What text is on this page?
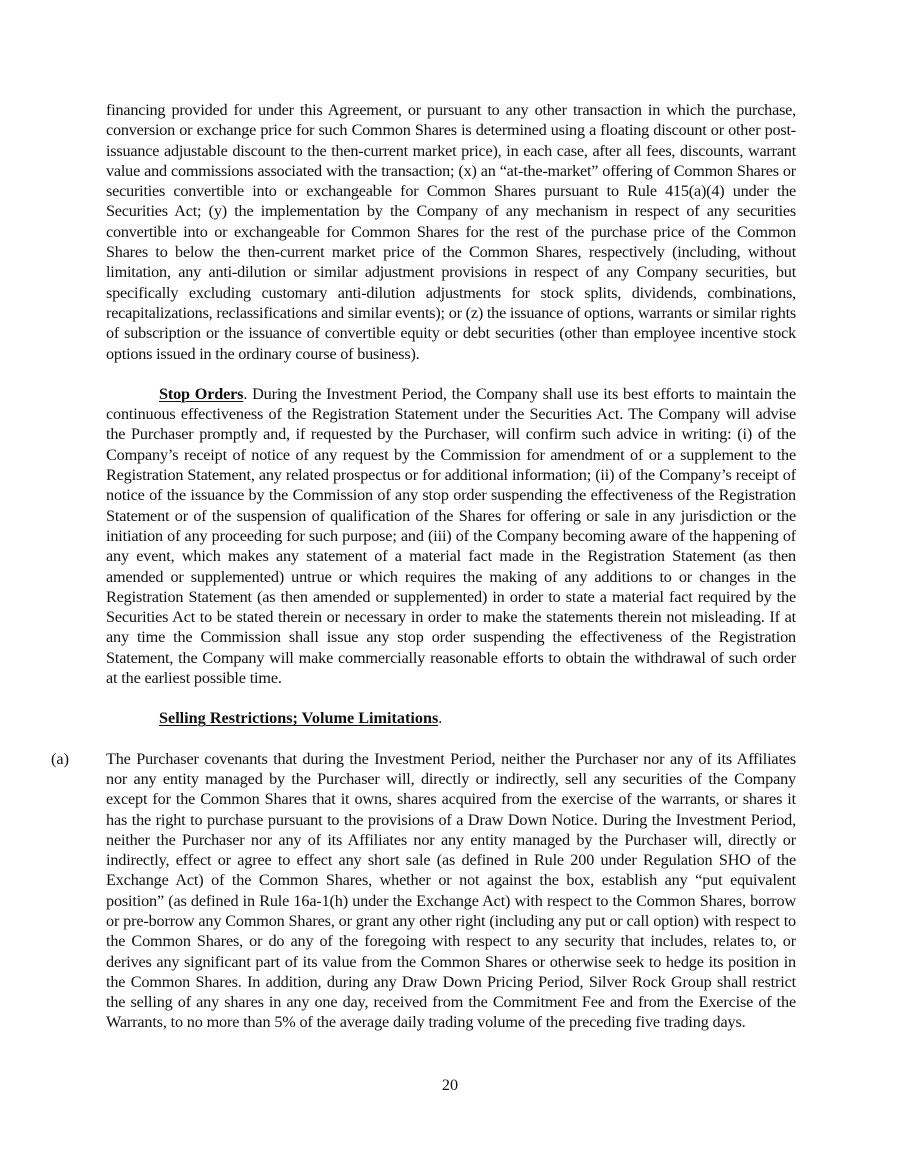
financing provided for under this Agreement, or pursuant to any other transaction in which the purchase, conversion or exchange price for such Common Shares is determined using a floating discount or other post-issuance adjustable discount to the then-current market price), in each case, after all fees, discounts, warrant value and commissions associated with the transaction; (x) an “at-the-market” offering of Common Shares or securities convertible into or exchangeable for Common Shares pursuant to Rule 415(a)(4) under the Securities Act; (y) the implementation by the Company of any mechanism in respect of any securities convertible into or exchangeable for Common Shares for the rest of the purchase price of the Common Shares to below the then-current market price of the Common Shares, respectively (including, without limitation, any anti-dilution or similar adjustment provisions in respect of any Company securities, but specifically excluding customary anti-dilution adjustments for stock splits, dividends, combinations, recapitalizations, reclassifications and similar events); or (z) the issuance of options, warrants or similar rights of subscription or the issuance of convertible equity or debt securities (other than employee incentive stock options issued in the ordinary course of business).

Stop Orders. During the Investment Period, the Company shall use its best efforts to maintain the continuous effectiveness of the Registration Statement under the Securities Act. The Company will advise the Purchaser promptly and, if requested by the Purchaser, will confirm such advice in writing: (i) of the Company’s receipt of notice of any request by the Commission for amendment of or a supplement to the Registration Statement, any related prospectus or for additional information; (ii) of the Company’s receipt of notice of the issuance by the Commission of any stop order suspending the effectiveness of the Registration Statement or of the suspension of qualification of the Shares for offering or sale in any jurisdiction or the initiation of any proceeding for such purpose; and (iii) of the Company becoming aware of the happening of any event, which makes any statement of a material fact made in the Registration Statement (as then amended or supplemented) untrue or which requires the making of any additions to or changes in the Registration Statement (as then amended or supplemented) in order to state a material fact required by the Securities Act to be stated therein or necessary in order to make the statements therein not misleading. If at any time the Commission shall issue any stop order suspending the effectiveness of the Registration Statement, the Company will make commercially reasonable efforts to obtain the withdrawal of such order at the earliest possible time.

Selling Restrictions; Volume Limitations.

(a) The Purchaser covenants that during the Investment Period, neither the Purchaser nor any of its Affiliates nor any entity managed by the Purchaser will, directly or indirectly, sell any securities of the Company except for the Common Shares that it owns, shares acquired from the exercise of the warrants, or shares it has the right to purchase pursuant to the provisions of a Draw Down Notice. During the Investment Period, neither the Purchaser nor any of its Affiliates nor any entity managed by the Purchaser will, directly or indirectly, effect or agree to effect any short sale (as defined in Rule 200 under Regulation SHO of the Exchange Act) of the Common Shares, whether or not against the box, establish any “put equivalent position” (as defined in Rule 16a-1(h) under the Exchange Act) with respect to the Common Shares, borrow or pre-borrow any Common Shares, or grant any other right (including any put or call option) with respect to the Common Shares, or do any of the foregoing with respect to any security that includes, relates to, or derives any significant part of its value from the Common Shares or otherwise seek to hedge its position in the Common Shares. In addition, during any Draw Down Pricing Period, Silver Rock Group shall restrict the selling of any shares in any one day, received from the Commitment Fee and from the Exercise of the Warrants, to no more than 5% of the average daily trading volume of the preceding five trading days.

20
